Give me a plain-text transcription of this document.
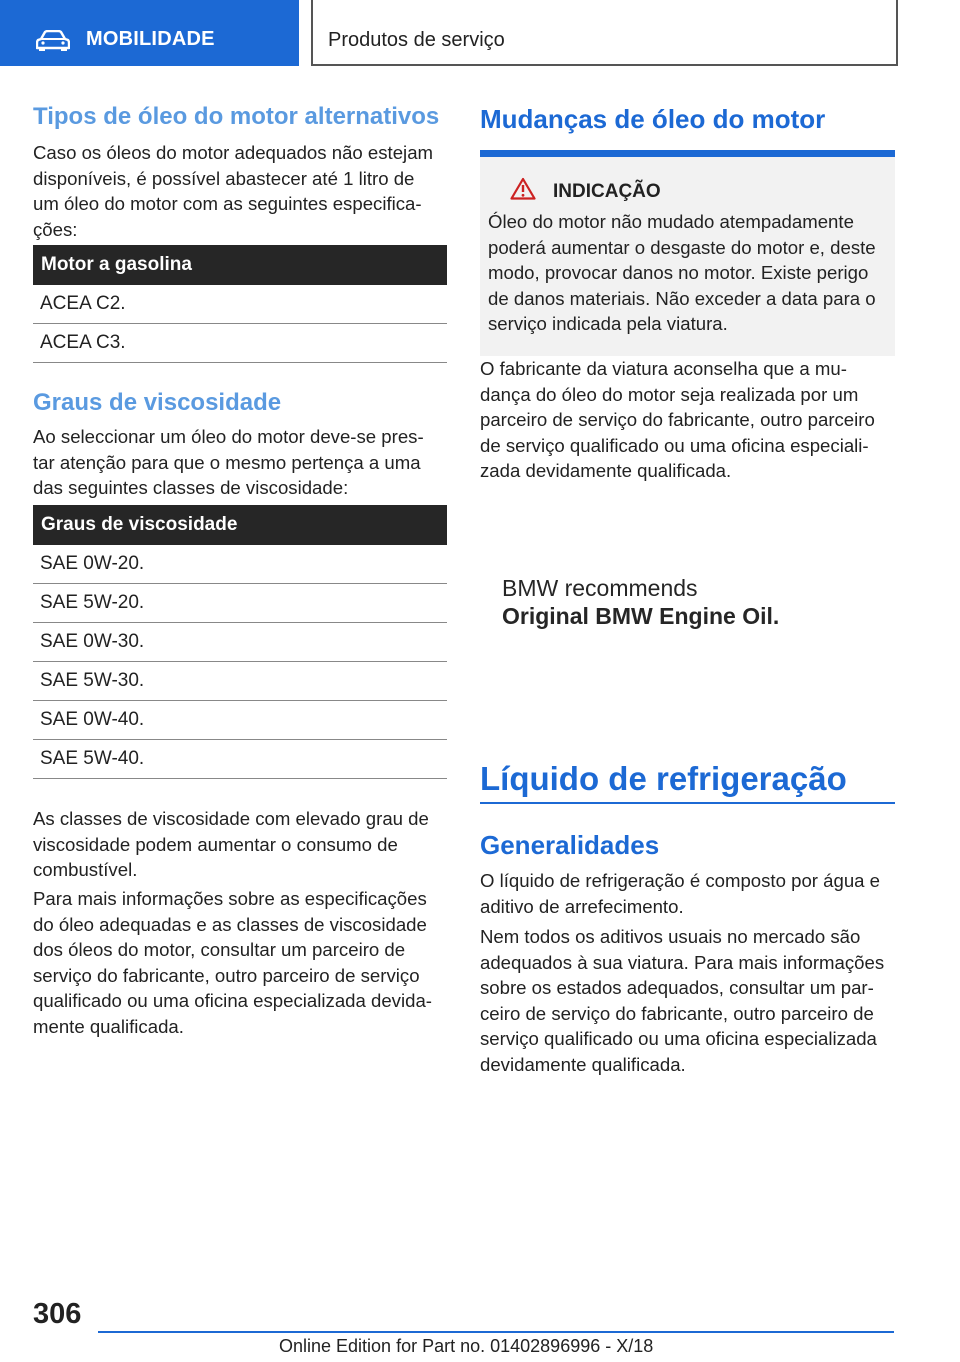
MOBILIDADE	Produtos de serviço
Tipos de óleo do motor alternativos

Caso os óleos do motor adequados não estejam
disponíveis, é possível abastecer até 1 litro de
um óleo do motor com as seguintes especifica‐
ções:

Motor a gasolina
ACEA C2.
ACEA C3.
Graus de viscosidade

Ao seleccionar um óleo do motor deve-se pres‐
tar atenção para que o mesmo pertença a uma
das seguintes classes de viscosidade:

Graus de viscosidade
SAE 0W-20.
SAE 5W-20.
SAE 0W-30.
SAE 5W-30.
SAE 0W-40.
SAE 5W-40.

As classes de viscosidade com elevado grau de
viscosidade podem aumentar o consumo de
combustível.

Para mais informações sobre as especificações
do óleo adequadas e as classes de viscosidade
dos óleos do motor, consultar um parceiro de
serviço do fabricante, outro parceiro de serviço
qualificado ou uma oficina especializada devida‐
mente qualificada.

Mudanças de óleo do motor
INDICAÇÃO
Óleo do motor não mudado atempadamente
poderá aumentar o desgaste do motor e, deste
modo, provocar danos no motor. Existe perigo
de danos materiais. Não exceder a data para o
serviço indicada pela viatura.

O fabricante da viatura aconselha que a mu‐
dança do óleo do motor seja realizada por um
parceiro de serviço do fabricante, outro parceiro
de serviço qualificado ou uma oficina especiali‐
zada devidamente qualificada.

BMW recommends
Original BMW Engine Oil.
Líquido de refrigeração
Generalidades

O líquido de refrigeração é composto por água e
aditivo de arrefecimento.

Nem todos os aditivos usuais no mercado são
adequados à sua viatura. Para mais informações
sobre os estados adequados, consultar um par‐
ceiro de serviço do fabricante, outro parceiro de
serviço qualificado ou uma oficina especializada
devidamente qualificada.

306
Online Edition for Part no. 01402896996 - X/18
